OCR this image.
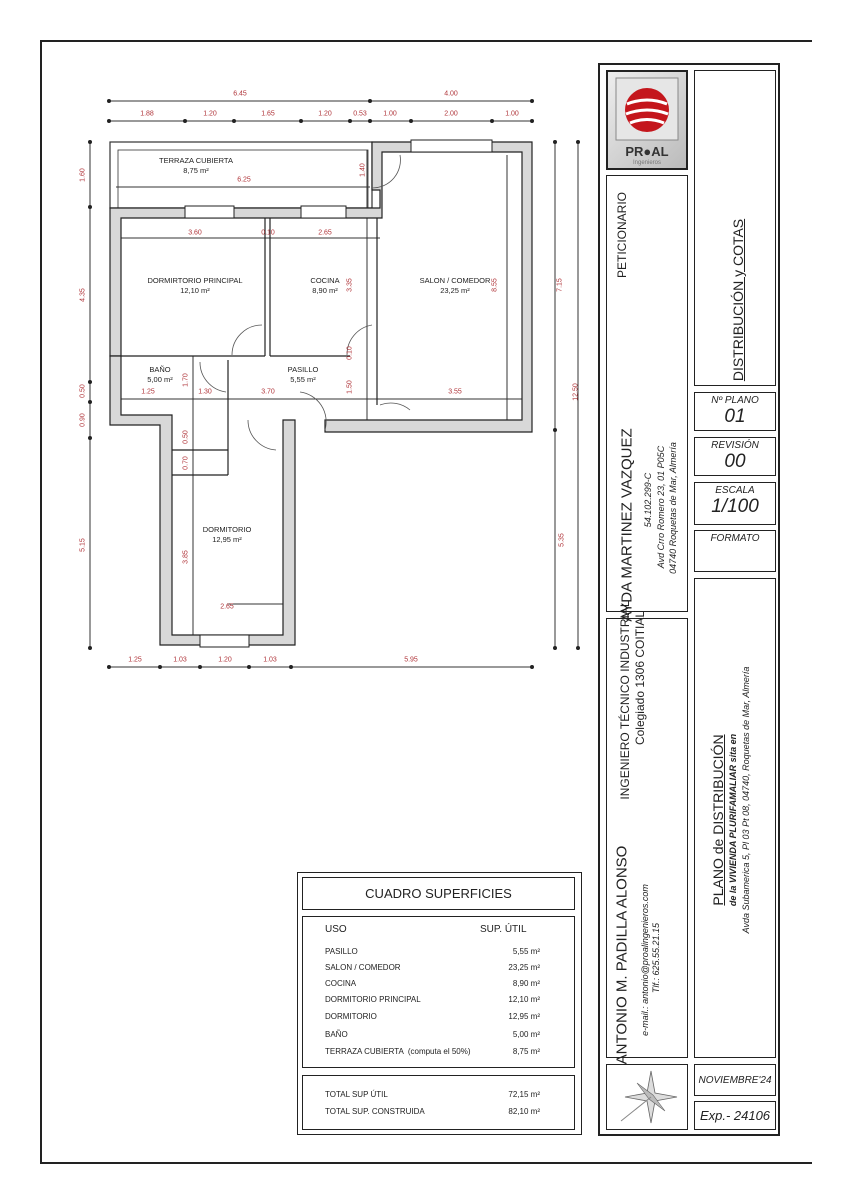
6.45	4.00
1.88	1.20	1.65	1.20	0.53 1.00	2.00	1.00
1.25	1.03	1.20	1.03	5.95
1.60
4.35
0.50
0.90
5.15
7.15
12.50
5.35
6.25
1.40
3.60	0.10	2.65
3.35	8.55
1.25
1.70
1.30	3.70
0.10
1.50	3.55
0.50
0.70
3.85
2.65
TERRAZA CUBIERTA
8,75 m²
DORMIRTORIO PRINCIPAL
12,10 m²
COCINA
8,90 m²
SALON / COMEDOR
23,25 m²
BAÑO
5,00 m²
PASILLO
5,55 m²
DORMITORIO
12,95 m²
CUADRO SUPERFICIES
USO	SUP. ÚTIL
PASILLO	5,55 m²
SALON / COMEDOR	23,25 m²
COCINA	8,90 m²
DORMITORIO PRINCIPAL	12,10 m²
DORMITORIO	12,95 m²
BAÑO	5,00 m²
TERRAZA CUBIERTA  (computa el 50%)	8,75 m²
TOTAL SUP ÚTIL	72,15 m²
TOTAL SUP. CONSTRUIDA	82,10 m²
PR●AL
Ingenieros
PETICIONARIO
AYDA MARTINEZ VAZQUEZ 54.102.299-C Avd Crro Romero 23, 01 P05C 04740 Roquetas de Mar, Almería
INGENIERO TÉCNICO INDUSTRIAL Colegiado 1306 COITIAL
ANTONIO M. PADILLA ALONSO e-mail.: antonio@proalingenieros.com Tlf.: 625.55.21.15
DISTRIBUCIÓN y COTAS
Nº PLANO
01
REVISIÓN
00
ESCALA
1/100
FORMATO
PLANO de DISTRIBUCIÓN de la VIVIENDA PLURIFAMALIAR sita en Avda Subamerica 5, Pl 03 Pt 08, 04740, Roquetas de Mar, Almería
NOVIEMBRE'24
Exp.- 24106
